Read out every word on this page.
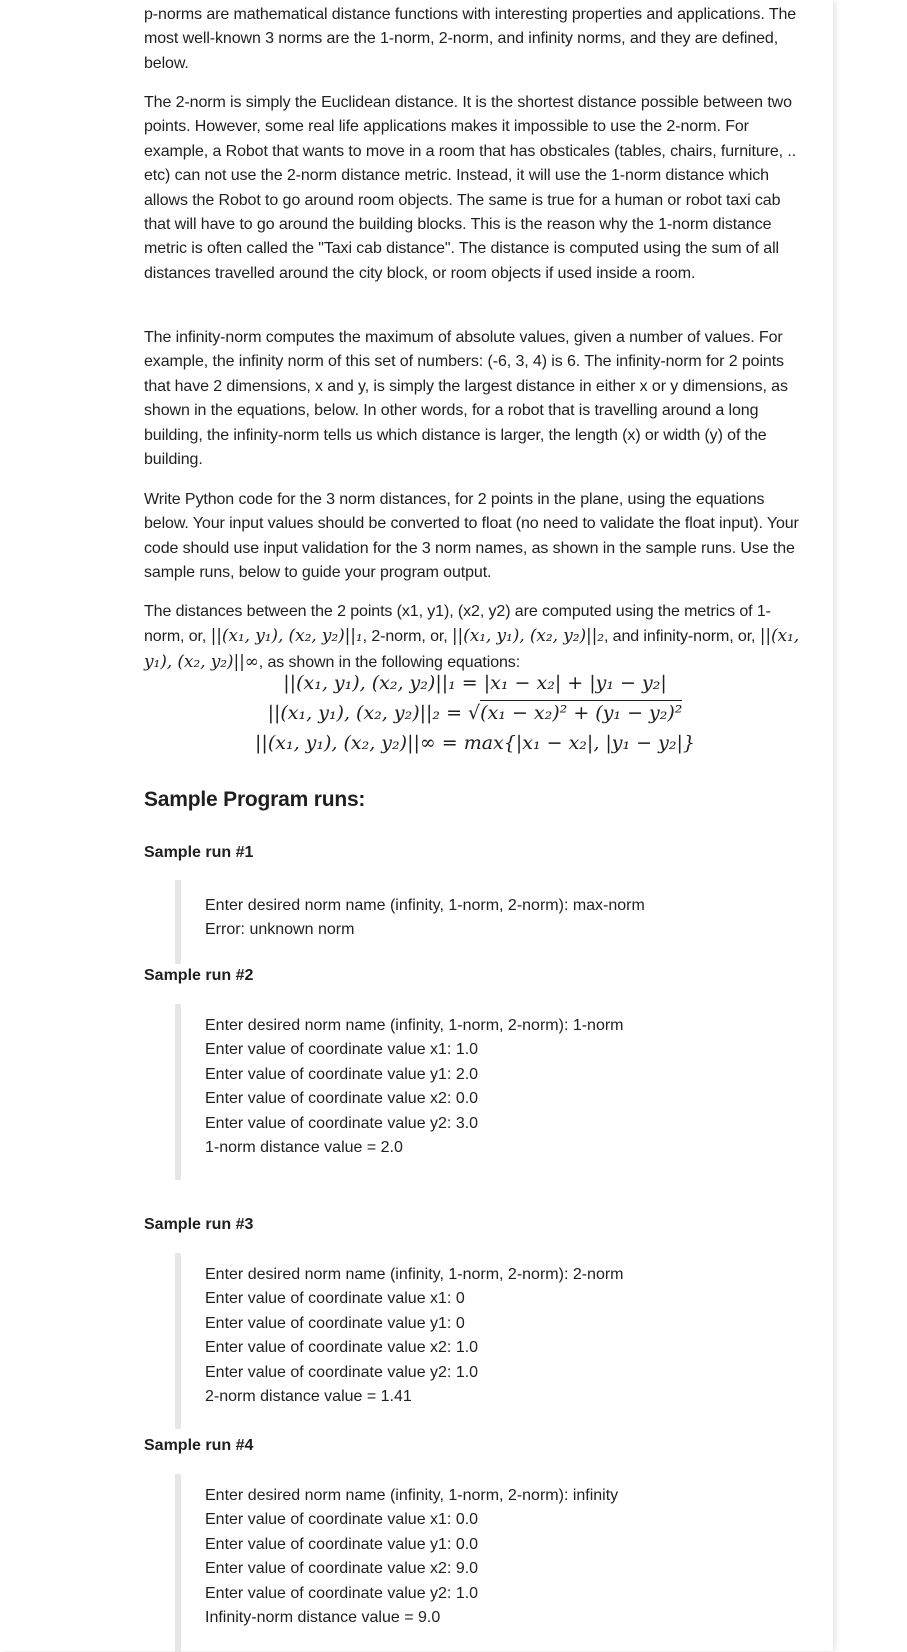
p-norms are mathematical distance functions with interesting properties and applications. The most well-known 3 norms are the 1-norm, 2-norm, and infinity norms, and they are defined, below.

The 2-norm is simply the Euclidean distance. It is the shortest distance possible between two points. However, some real life applications makes it impossible to use the 2-norm. For example, a Robot that wants to move in a room that has obsticales (tables, chairs, furniture, .. etc) can not use the 2-norm distance metric. Instead, it will use the 1-norm distance which allows the Robot to go around room objects. The same is true for a human or robot taxi cab that will have to go around the building blocks. This is the reason why the 1-norm distance metric is often called the "Taxi cab distance". The distance is computed using the sum of all distances travelled around the city block, or room objects if used inside a room.

The infinity-norm computes the maximum of absolute values, given a number of values. For example, the infinity norm of this set of numbers: (-6, 3, 4) is 6. The infinity-norm for 2 points that have 2 dimensions, x and y, is simply the largest distance in either x or y dimensions, as shown in the equations, below. In other words, for a robot that is travelling around a long building, the infinity-norm tells us which distance is larger, the length (x) or width (y) of the building.

Write Python code for the 3 norm distances, for 2 points in the plane, using the equations below. Your input values should be converted to float (no need to validate the float input). Your code should use input validation for the 3 norm names, as shown in the sample runs. Use the sample runs, below to guide your program output.

The distances between the 2 points (x1, y1), (x2, y2) are computed using the metrics of 1-norm, or, ||(x₁, y₁), (x₂, y₂)||₁, 2-norm, or, ||(x₁, y₁), (x₂, y₂)||₂, and infinity-norm, or, ||(x₁, y₁), (x₂, y₂)||∞, as shown in the following equations:

||(x₁, y₁), (x₂, y₂)||₁ = |x₁ − x₂| + |y₁ − y₂|
||(x₁, y₁), (x₂, y₂)||₂ = √(x₁ − x₂)² + (y₁ − y₂)²
||(x₁, y₁), (x₂, y₂)||∞ = max{|x₁ − x₂|, |y₁ − y₂|}
Sample Program runs:
Sample run #1
Enter desired norm name (infinity, 1-norm, 2-norm): max-norm
Error: unknown norm
Sample run #2
Enter desired norm name (infinity, 1-norm, 2-norm): 1-norm
Enter value of coordinate value x1: 1.0
Enter value of coordinate value y1: 2.0
Enter value of coordinate value x2: 0.0
Enter value of coordinate value y2: 3.0
1-norm distance value = 2.0
Sample run #3
Enter desired norm name (infinity, 1-norm, 2-norm): 2-norm
Enter value of coordinate value x1: 0
Enter value of coordinate value y1: 0
Enter value of coordinate value x2: 1.0
Enter value of coordinate value y2: 1.0
2-norm distance value = 1.41
Sample run #4
Enter desired norm name (infinity, 1-norm, 2-norm): infinity
Enter value of coordinate value x1: 0.0
Enter value of coordinate value y1: 0.0
Enter value of coordinate value x2: 9.0
Enter value of coordinate value y2: 1.0
Infinity-norm distance value = 9.0
